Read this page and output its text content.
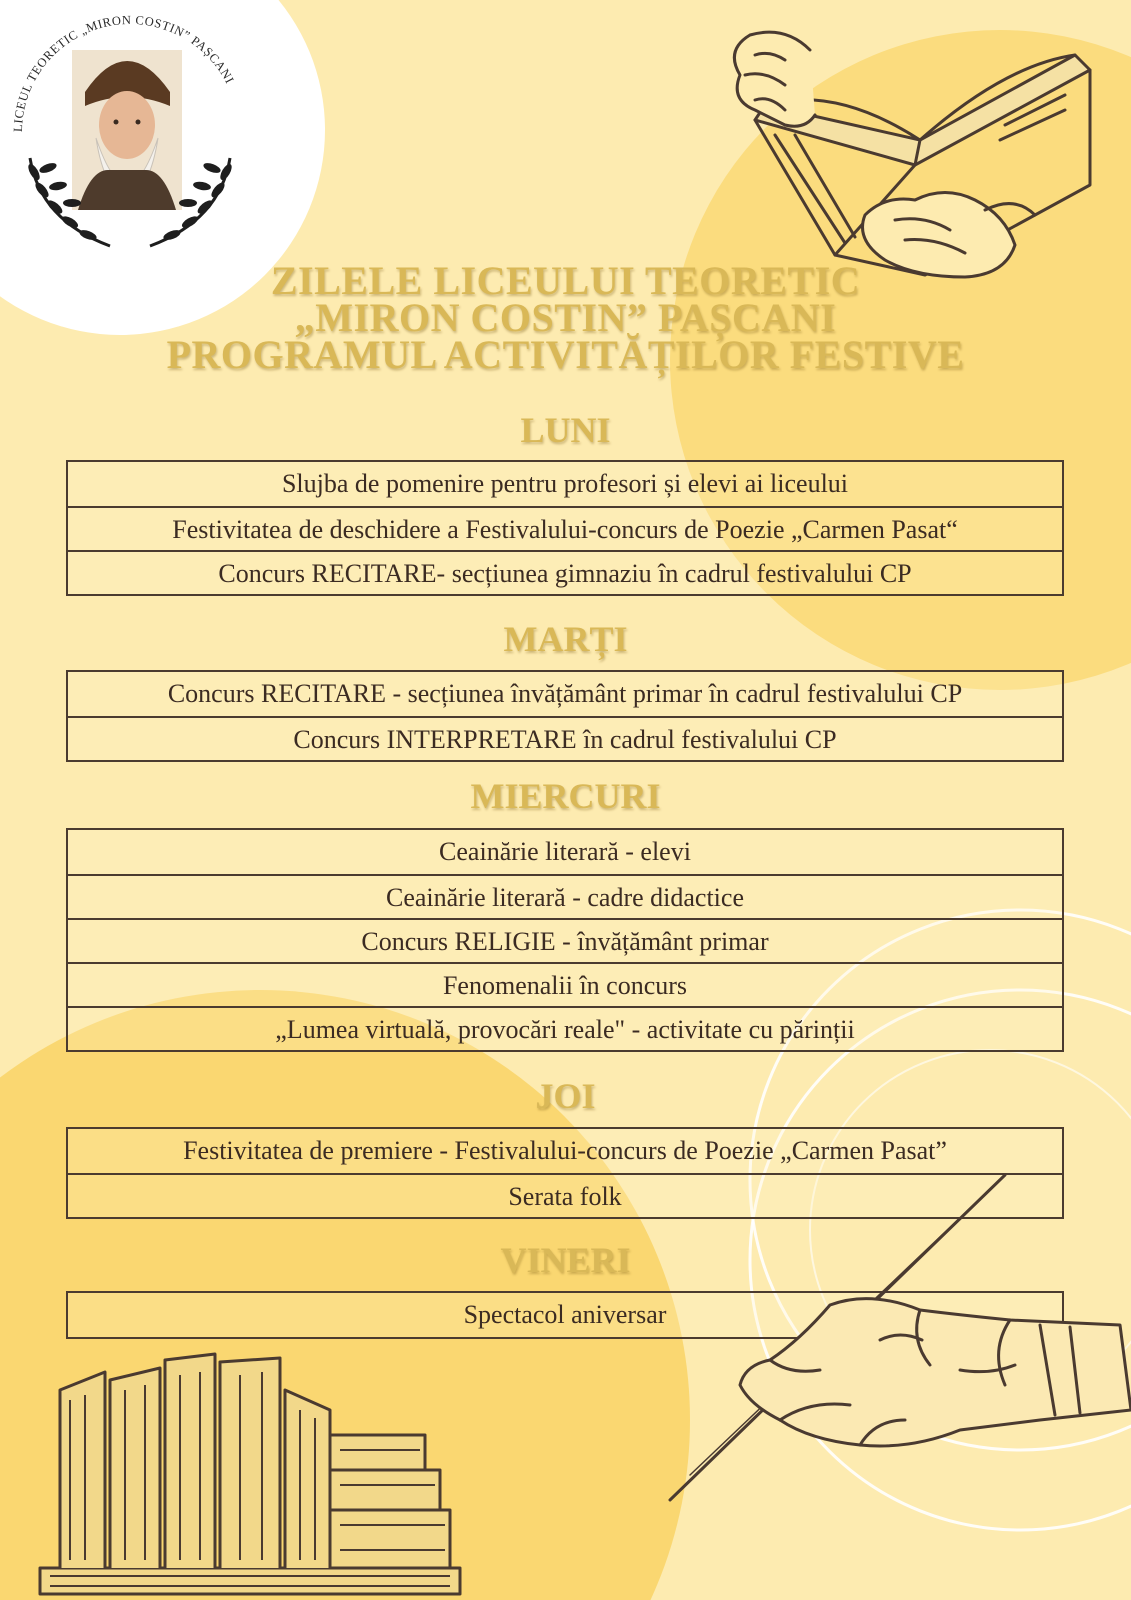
LICEUL TEORETIC „MIRON COSTIN” PAȘCANI
ZILELE LICEULUI TEORETIC
„MIRON COSTIN” PAȘCANI
PROGRAMUL ACTIVITĂȚILOR FESTIVE
LUNI
Slujba de pomenire pentru profesori și elevi ai liceului
Festivitatea de deschidere a Festivalului-concurs de Poezie „Carmen Pasat“
Concurs RECITARE- secțiunea gimnaziu în cadrul festivalului CP
MARȚI
Concurs RECITARE - secțiunea învățământ primar în cadrul festivalului CP
Concurs INTERPRETARE în cadrul festivalului CP
MIERCURI
Ceainărie literară - elevi
Ceainărie literară - cadre didactice
Concurs RELIGIE - învățământ primar
Fenomenalii în concurs
„Lumea virtuală, provocări reale" - activitate cu părinții
JOI
Festivitatea de premiere - Festivalului-concurs de Poezie „Carmen Pasat”
Serata folk
VINERI
Spectacol aniversar
